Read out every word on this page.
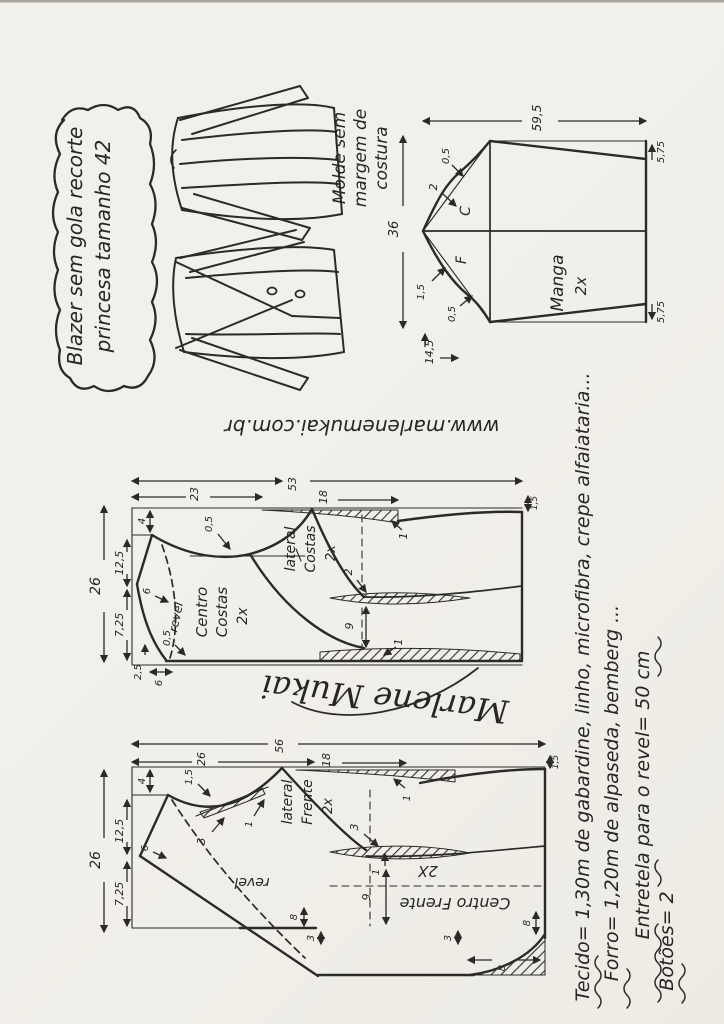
Blazer sem gola recorte princesa tamanho 42	Molde sem margem de costura	0,5
2
C
F
1,5
0,5
Manga 2x
59,5
36
5,75
5,75
14,5
www.marlenemukai.com.br
53
23	18	1,5
26
12,5
7,25
4	0,5
6
revel
0,5
2,5
6
1
2
9
1
Centro Costas 2x
lateral Costas 2x
Marlene Mukai
56
26	18	1,5
26
12,5
7,25
4
6
1,5
3
1
1
revel
3
1
9
8
3	3
8
8
lateral Frente 2x
Centro Frente
2X	Tecido= 1,30m de gabardine, linho, microfibra, crepe alfaiataria... Forro= 1,20m de alpaseda, bemberg ... Entretela para o revel= 50 cm
Botões= 2
